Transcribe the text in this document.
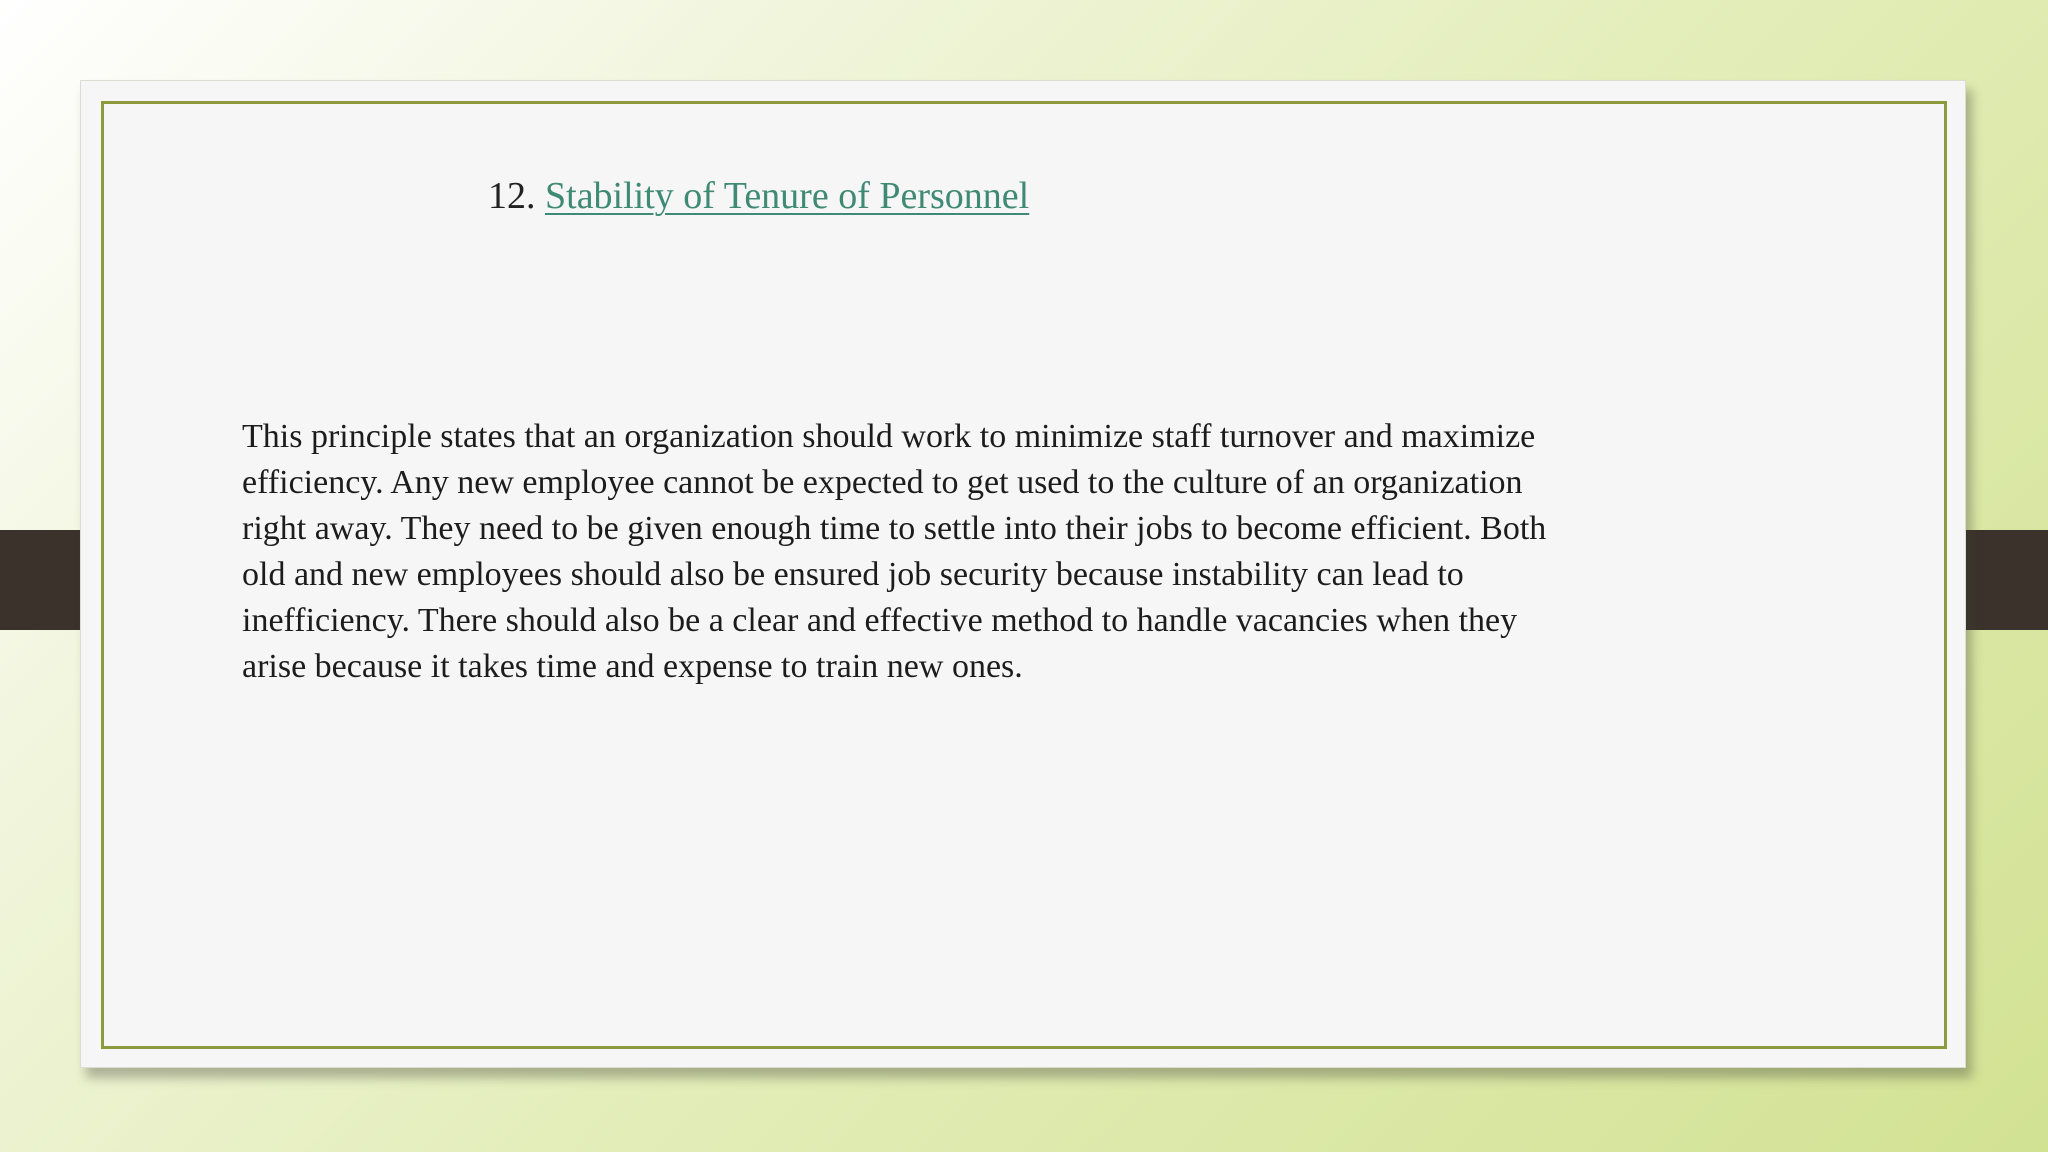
12. Stability of Tenure of Personnel

This principle states that an organization should work to minimize staff turnover and maximize efficiency. Any new employee cannot be expected to get used to the culture of an organization right away. They need to be given enough time to settle into their jobs to become efficient. Both old and new employees should also be ensured job security because instability can lead to inefficiency. There should also be a clear and effective method to handle vacancies when they arise because it takes time and expense to train new ones.
